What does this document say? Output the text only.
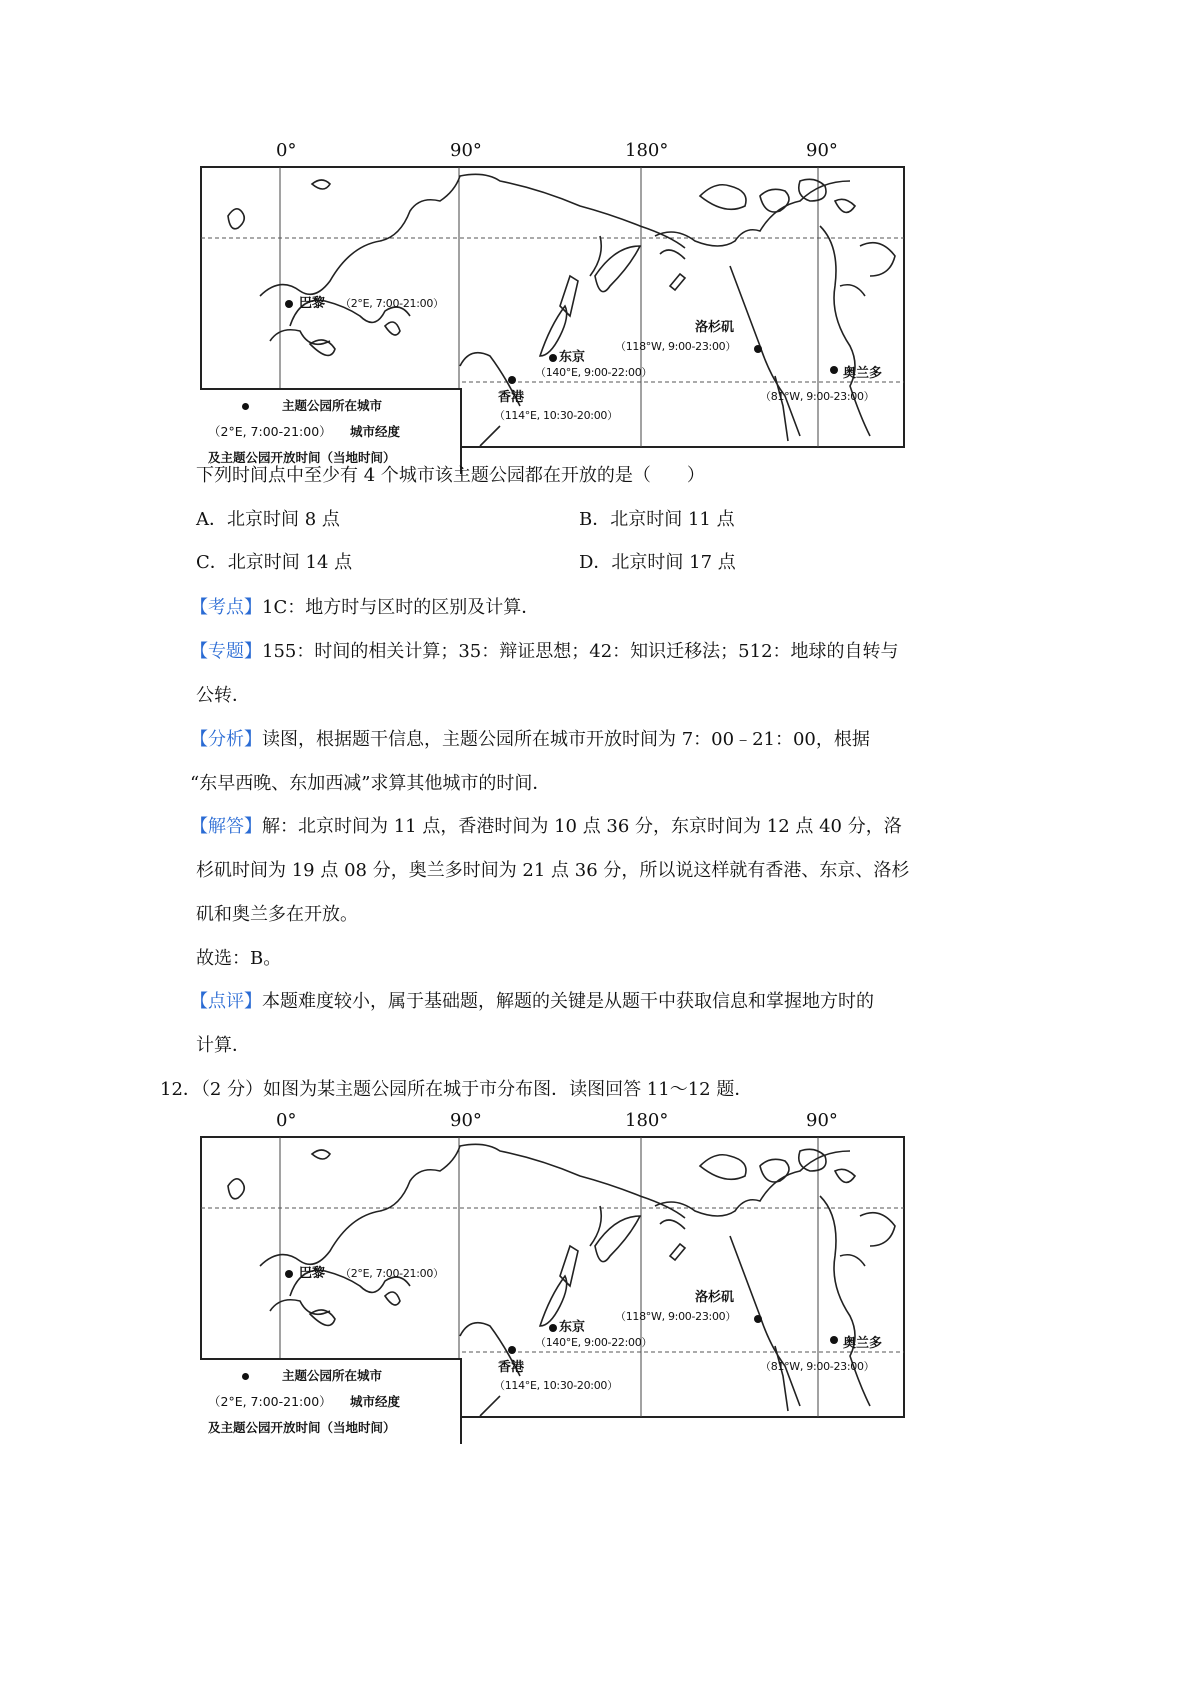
0°	90°	180°	90°
巴黎 （2°E, 7:00-21:00）
东京
（140°E, 9:00-22:00）
香港
（114°E, 10:30-20:00）
洛杉矶
（118°W, 9:00-23:00）
奥兰多
（81°W, 9:00-23:00）
主题公园所在城市
（2°E, 7:00-21:00） 城市经度
及主题公园开放时间（当地时间）
下列时间点中至少有 4 个城市该主题公园都在开放的是（　　）
A．北京时间 8 点	B．北京时间 11 点
C．北京时间 14 点	D．北京时间 17 点
【考点】1C：地方时与区时的区别及计算．
【专题】155：时间的相关计算；35：辩证思想；42：知识迁移法；512：地球的自转与
公转．
【分析】读图，根据题干信息，主题公园所在城市开放时间为 7：00﹣21：00，根据
“东早西晚、东加西减”求算其他城市的时间．
【解答】解：北京时间为 11 点，香港时间为 10 点 36 分，东京时间为 12 点 40 分，洛
杉矶时间为 19 点 08 分，奥兰多时间为 21 点 36 分，所以说这样就有香港、东京、洛杉
矶和奥兰多在开放。
故选：B。
【点评】本题难度较小，属于基础题，解题的关键是从题干中获取信息和掌握地方时的
计算．
12．（2 分）如图为某主题公园所在城于市分布图．读图回答 11～12 题．
0°	90°	180°	90°
巴黎 （2°E, 7:00-21:00）
东京
（140°E, 9:00-22:00）
香港
（114°E, 10:30-20:00）
洛杉矶
（118°W, 9:00-23:00）
奥兰多
（81°W, 9:00-23:00）
主题公园所在城市
（2°E, 7:00-21:00） 城市经度
及主题公园开放时间（当地时间）
